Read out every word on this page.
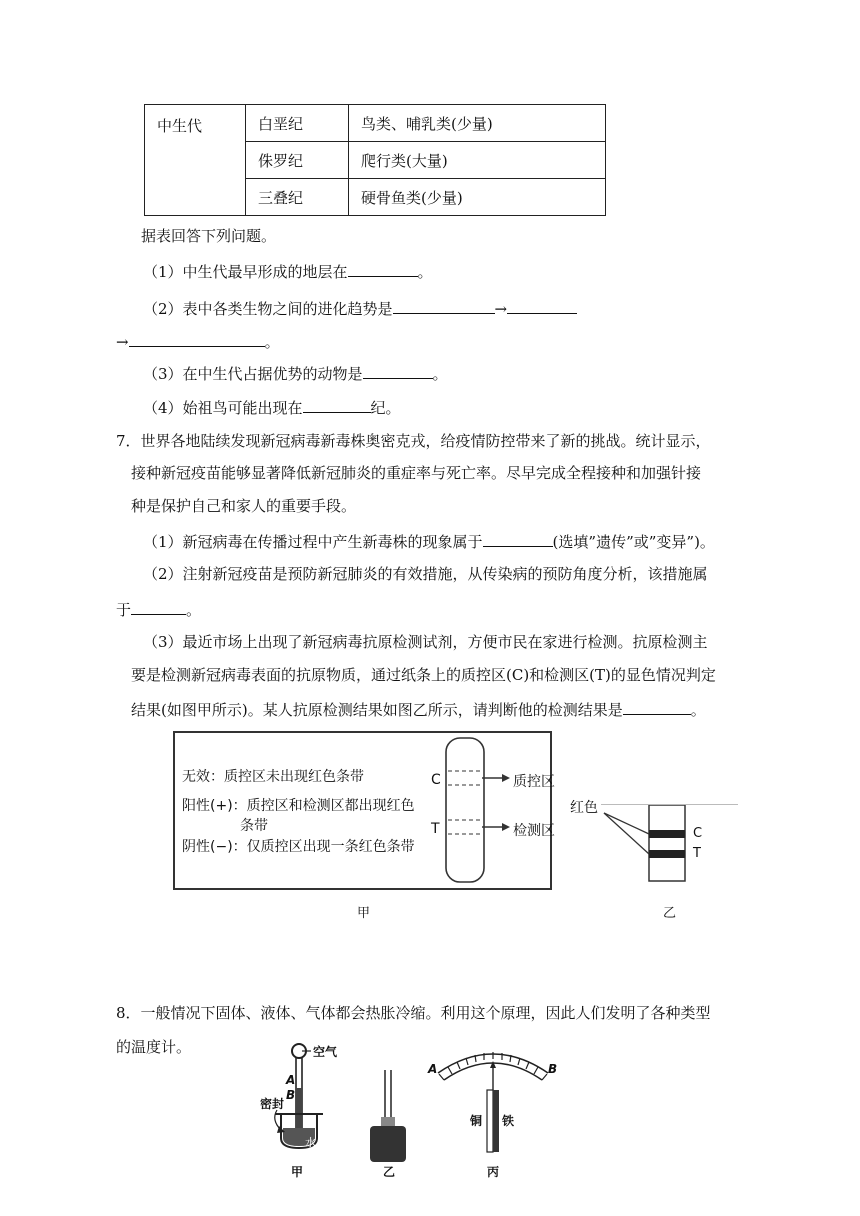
中生代	白垩纪	鸟类、哺乳类(少量)
	侏罗纪	爬行类(大量)
	三叠纪	硬骨鱼类(少量)
据表回答下列问题。
（1）中生代最早形成的地层在	。
（2）表中各类生物之间的进化趋势是	→
→	。
（3）在中生代占据优势的动物是	。
（4）始祖鸟可能出现在	纪。
7．世界各地陆续发现新冠病毒新毒株奥密克戎，给疫情防控带来了新的挑战。统计显示，
接种新冠疫苗能够显著降低新冠肺炎的重症率与死亡率。尽早完成全程接种和加强针接
种是保护自己和家人的重要手段。
（1）新冠病毒在传播过程中产生新毒株的现象属于	(选填”遗传”或”变异”)。
（2）注射新冠疫苗是预防新冠肺炎的有效措施，从传染病的预防角度分析，该措施属
于	。
（3）最近市场上出现了新冠病毒抗原检测试剂，方便市民在家进行检测。抗原检测主
要是检测新冠病毒表面的抗原物质，通过纸条上的质控区(C)和检测区(T)的显色情况判定
结果(如图甲所示)。某人抗原检测结果如图乙所示，请判断他的检测结果是	。
无效：质控区未出现红色条带
阳性(+)：质控区和检测区都出现红色
条带
阴性(−)：仅质控区出现一条红色条带
C
T
质控区
检测区
甲
红色
C
T
乙
8．一般情况下固体、液体、气体都会热胀冷缩。利用这个原理，因此人们发明了各种类型
的温度计。	空气
A
B
密封
水
A	B
铜 铁
甲	乙	丙
